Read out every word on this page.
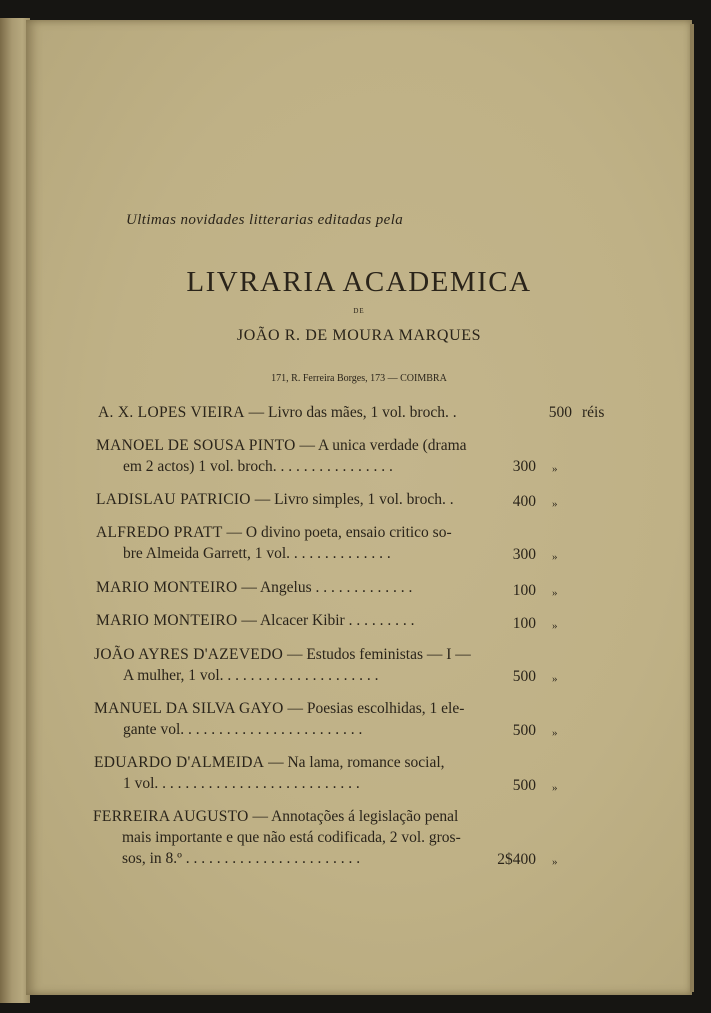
Ultimas novidades litterarias editadas pela
LIVRARIA ACADEMICA
DE
JOÃO R. DE MOURA MARQUES
171, R. Ferreira Borges, 173 — COIMBRA
A. X. LOPES VIEIRA — Livro das mães, 1 vol. broch. .	500 réis
MANOEL DE SOUSA PINTO — A unica verdade (drama
em 2 actos) 1 vol. broch. . . . . . . . . . . . . . . .	300 »
LADISLAU PATRICIO — Livro simples, 1 vol. broch. .	400 »
ALFREDO PRATT — O divino poeta, ensaio critico so-
bre Almeida Garrett, 1 vol. . . . . . . . . . . . . .	300 »
MARIO MONTEIRO — Angelus . . . . . . . . . . . . .	100 »
MARIO MONTEIRO — Alcacer Kibir . . . . . . . . .	100 »
JOÃO AYRES D'AZEVEDO — Estudos feministas — I —
A mulher, 1 vol. . . . . . . . . . . . . . . . . . . . .	500 »
MANUEL DA SILVA GAYO — Poesias escolhidas, 1 ele-
gante vol. . . . . . . . . . . . . . . . . . . . . . . .	500 »
EDUARDO D'ALMEIDA — Na lama, romance social,
1 vol. . . . . . . . . . . . . . . . . . . . . . . . . . .	500 »
FERREIRA AUGUSTO — Annotações á legislação penal
mais importante e que não está codificada, 2 vol. gros-
sos, in 8.º . . . . . . . . . . . . . . . . . . . . . . .	2$400 »
